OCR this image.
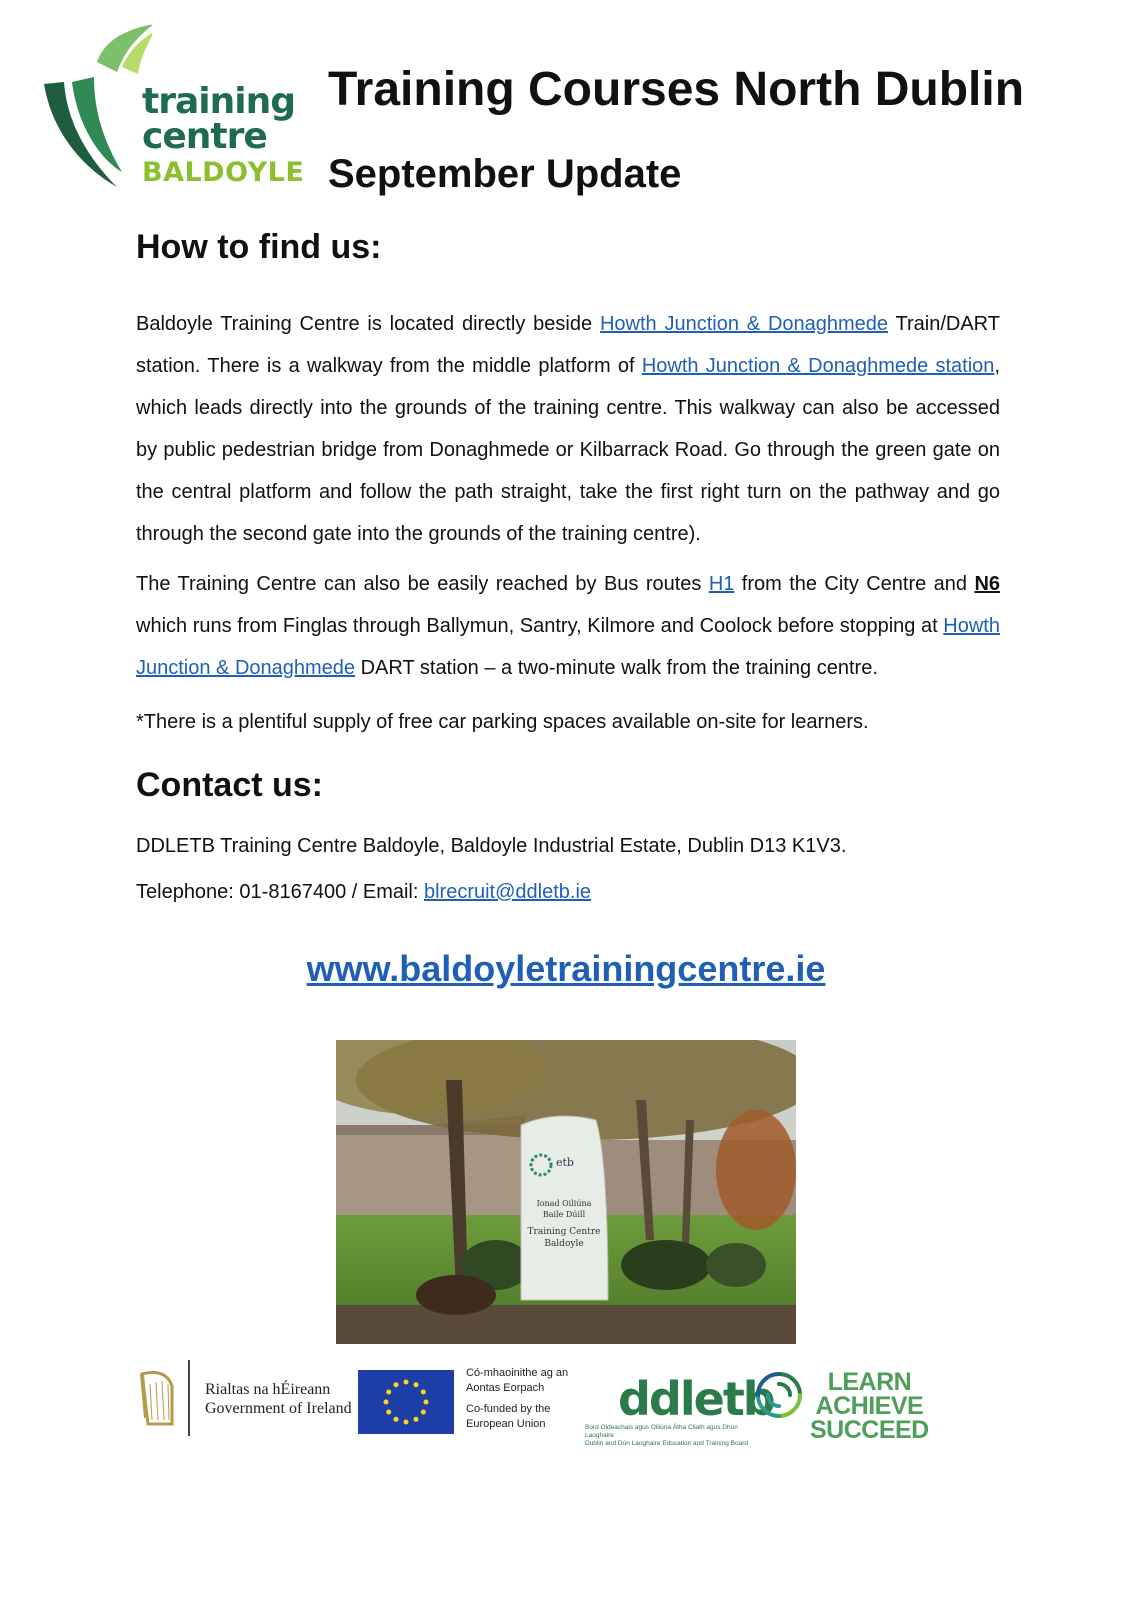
training
centre
BALDOYLE
Training Courses North Dublin
September Update
How to find us:

Baldoyle Training Centre is located directly beside Howth Junction & Donaghmede Train/DART station. There is a walkway from the middle platform of Howth Junction & Donaghmede station, which leads directly into the grounds of the training centre. This walkway can also be accessed by public pedestrian bridge from Donaghmede or Kilbarrack Road. Go through the green gate on the central platform and follow the path straight, take the first right turn on the pathway and go through the second gate into the grounds of the training centre).

The Training Centre can also be easily reached by Bus routes H1 from the City Centre and N6 which runs from Finglas through Ballymun, Santry, Kilmore and Coolock before stopping at Howth Junction & Donaghmede DART station – a two-minute walk from the training centre.

*There is a plentiful supply of free car parking spaces available on-site for learners.

Contact us:

DDLETB Training Centre Baldoyle, Baldoyle Industrial Estate, Dublin D13 K1V3.

Telephone: 01-8167400 / Email: blrecruit@ddletb.ie

www.baldoyletrainingcentre.ie
etb
Ionad Oiliúna
Baile Dúill
Training Centre
Baldoyle
Rialtas na hÉireann
Government of Ireland
Có-mhaoinithe ag an
Aontas Eorpach
Co-funded by the
European Union	ddletb
Bord Oideachais agus Oiliúna Átha Cliath agus Dhún Laoghaire
Dublin and Dún Laoghaire Education and Training Board
LEARN
ACHIEVE
SUCCEED
